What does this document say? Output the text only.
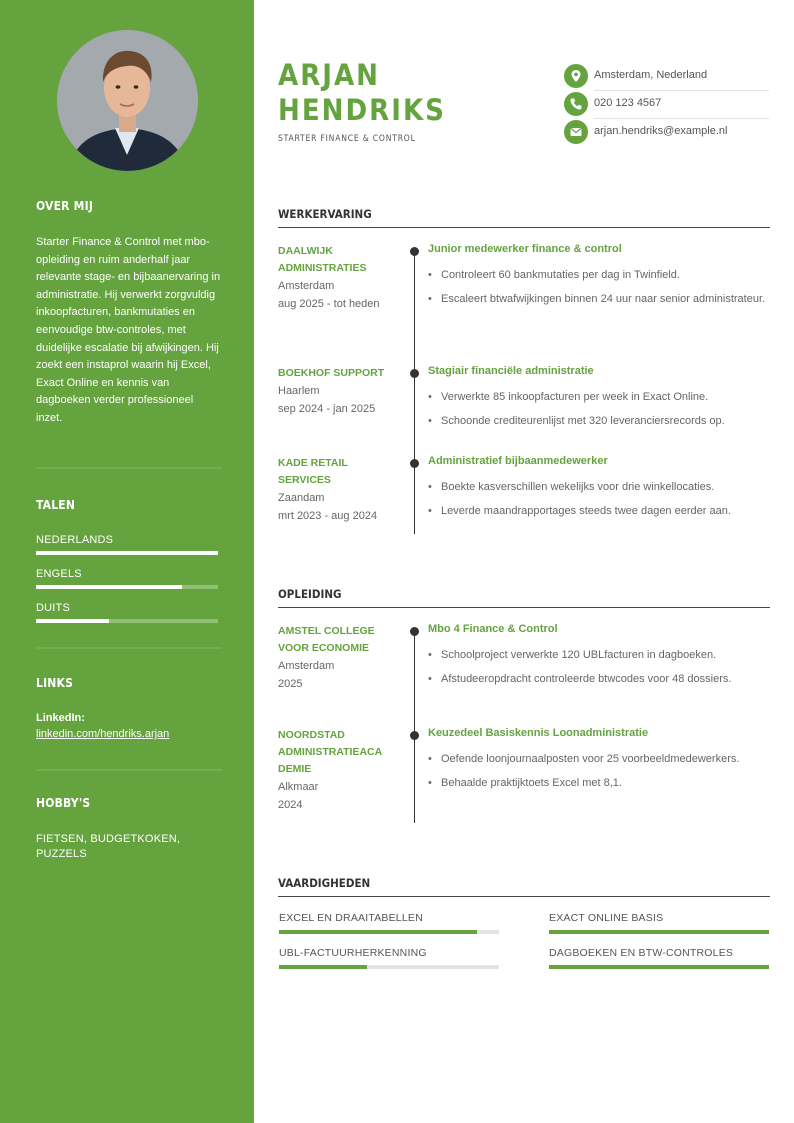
OVER MIJ

Starter Finance & Control met mbo-opleiding en ruim anderhalf jaar relevante stage- en bijbaanervaring in administratie. Hij verwerkt zorgvuldig inkoopfacturen, bankmutaties en eenvoudige btw-controles, met duidelijke escalatie bij afwijkingen. Hij zoekt een instaprol waarin hij Excel, Exact Online en kennis van dagboeken verder professioneel inzet.

TALEN
NEDERLANDS
ENGELS
DUITS
LINKS
LinkedIn:
linkedin.com/hendriks.arjan
HOBBY'S
FIETSEN, BUDGETKOKEN, PUZZELS
ARJAN
HENDRIKS
STARTER FINANCE & CONTROL
Amsterdam, Nederland
020 123 4567
arjan.hendriks@example.nl
WERKERVARING
DAALWIJK ADMINISTRATIES
Amsterdam
aug 2025 - tot heden
Junior medewerker finance & control
• Controleert 60 bankmutaties per dag in Twinfield.
• Escaleert btwafwijkingen binnen 24 uur naar senior administrateur.
BOEKHOF SUPPORT
Haarlem
sep 2024 - jan 2025
Stagiair financiële administratie
• Verwerkte 85 inkoopfacturen per week in Exact Online.
• Schoonde crediteurenlijst met 320 leveranciersrecords op.
KADE RETAIL SERVICES
Zaandam
mrt 2023 - aug 2024
Administratief bijbaanmedewerker
• Boekte kasverschillen wekelijks voor drie winkellocaties.
• Leverde maandrapportages steeds twee dagen eerder aan.
OPLEIDING
AMSTEL COLLEGE VOOR ECONOMIE
Amsterdam
2025
Mbo 4 Finance & Control
• Schoolproject verwerkte 120 UBLfacturen in dagboeken.
• Afstudeeropdracht controleerde btwcodes voor 48 dossiers.
NOORDSTAD ADMINISTRATIEACA DEMIE
Alkmaar
2024
Keuzedeel Basiskennis Loonadministratie
• Oefende loonjournaalposten voor 25 voorbeeldmedewerkers.
• Behaalde praktijktoets Excel met 8,1.
VAARDIGHEDEN
EXCEL EN DRAAITABELLEN	EXACT ONLINE BASIS
UBL-FACTUURHERKENNING	DAGBOEKEN EN BTW-CONTROLES
